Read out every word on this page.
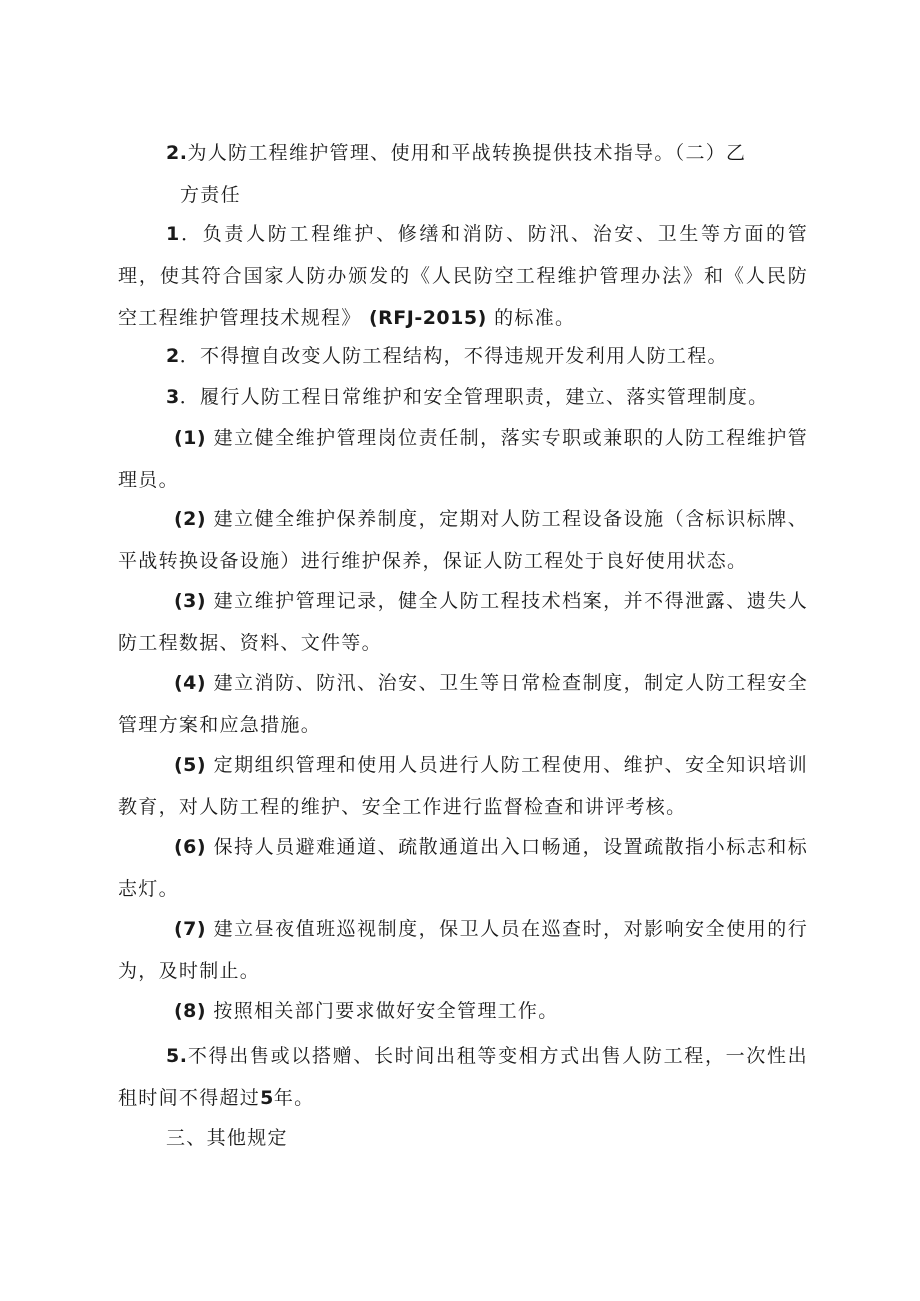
2.为人防工程维护管理、使用和平战转换提供技术指导。（二）乙
方责任

1．负责人防工程维护、修缮和消防、防汛、治安、卫生等方面的管理，使其符合国家人防办颁发的《人民防空工程维护管理办法》和《人民防空工程维护管理技术规程》 (RFJ-2015) 的标准。

2．不得擅自改变人防工程结构，不得违规开发利用人防工程。

3．履行人防工程日常维护和安全管理职责，建立、落实管理制度。

(1) 建立健全维护管理岗位责任制，落实专职或兼职的人防工程维护管理员。

(2) 建立健全维护保养制度，定期对人防工程设备设施（含标识标牌、平战转换设备设施）进行维护保养，保证人防工程处于良好使用状态。

(3) 建立维护管理记录，健全人防工程技术档案，并不得泄露、遗失人防工程数据、资料、文件等。

(4) 建立消防、防汛、治安、卫生等日常检查制度，制定人防工程安全管理方案和应急措施。

(5) 定期组织管理和使用人员进行人防工程使用、维护、安全知识培训教育，对人防工程的维护、安全工作进行监督检查和讲评考核。

(6) 保持人员避难通道、疏散通道出入口畅通，设置疏散指小标志和标志灯。

(7) 建立昼夜值班巡视制度，保卫人员在巡查时，对影响安全使用的行为，及时制止。

(8) 按照相关部门要求做好安全管理工作。

5.不得出售或以搭赠、长时间出租等变相方式出售人防工程，一次性出租时间不得超过5年。

三、其他规定
